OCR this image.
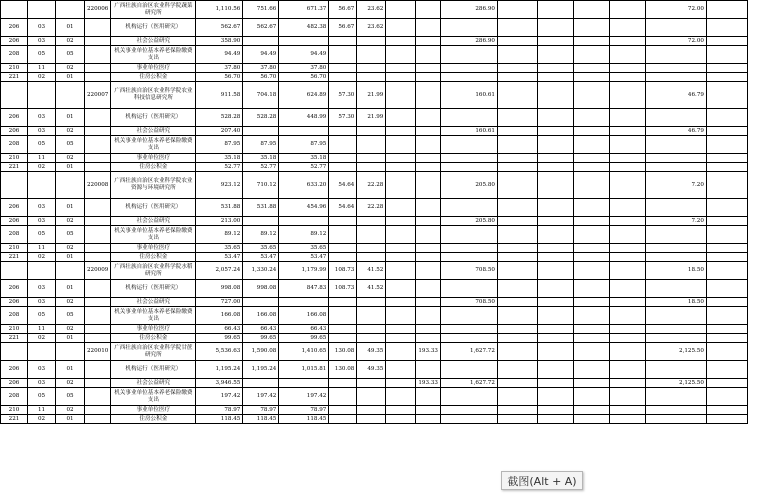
			220006	广西壮族自治区农业科学院蔬菜研究所	1,110.56	751.66	671.37	56.67	23.62			286.90					72.00	
206	03	01		机构运行（医用研究）	562.67	562.67	482.38	56.67	23.62									
206	03	02		社会公益研究	358.90							286.90					72.00	
208	05	05		机关事业单位基本养老保险缴费支出	94.49	94.49	94.49											
210	11	02		事业单位医疗	37.80	37.80	37.80											
221	02	01		住房公积金	56.70	56.70	56.70											
			220007	广西壮族自治区农业科学院农业科技信息研究所	911.58	704.18	624.89	57.30	21.99			160.61					46.79	
206	03	01		机构运行（医用研究）	528.28	528.28	448.99	57.30	21.99									
206	03	02		社会公益研究	207.40							160.61					46.79	
208	05	05		机关事业单位基本养老保险缴费支出	87.95	87.95	87.95											
210	11	02		事业单位医疗	35.18	35.18	35.18											
221	02	01		住房公积金	52.77	52.77	52.77											
			220008	广西壮族自治区农业科学院农业资源与环境研究所	923.12	710.12	633.20	54.64	22.28			205.80					7.20	
206	03	01		机构运行（医用研究）	531.88	531.88	454.96	54.64	22.28									
206	03	02		社会公益研究	213.00							205.80					7.20	
208	05	05		机关事业单位基本养老保险缴费支出	89.12	89.12	89.12											
210	11	02		事业单位医疗	35.65	35.65	35.65											
221	02	01		住房公积金	53.47	53.47	53.47											
			220009	广西壮族自治区农业科学院水稻研究所	2,057.24	1,330.24	1,179.99	108.73	41.52			708.50					18.50	
206	03	01		机构运行（医用研究）	998.08	998.08	847.83	108.73	41.52									
206	03	02		社会公益研究	727.00							708.50					18.50	
208	05	05		机关事业单位基本养老保险缴费支出	166.08	166.08	166.08											
210	11	02		事业单位医疗	66.43	66.43	66.43											
221	02	01		住房公积金	99.65	99.65	99.65											
			220010	广西壮族自治区农业科学院甘蔗研究所	5,536.63	1,590.08	1,410.65	130.08	49.35		193.33	1,627.72					2,125.50	
206	03	01		机构运行（医用研究）	1,195.24	1,195.24	1,015.81	130.08	49.35									
206	03	02		社会公益研究	3,946.55						193.33	1,627.72					2,125.50	
208	05	05		机关事业单位基本养老保险缴费支出	197.42	197.42	197.42											
210	11	02		事业单位医疗	78.97	78.97	78.97											
221	02	01		住房公积金	118.45	118.45	118.45											
截图(Alt + A)
